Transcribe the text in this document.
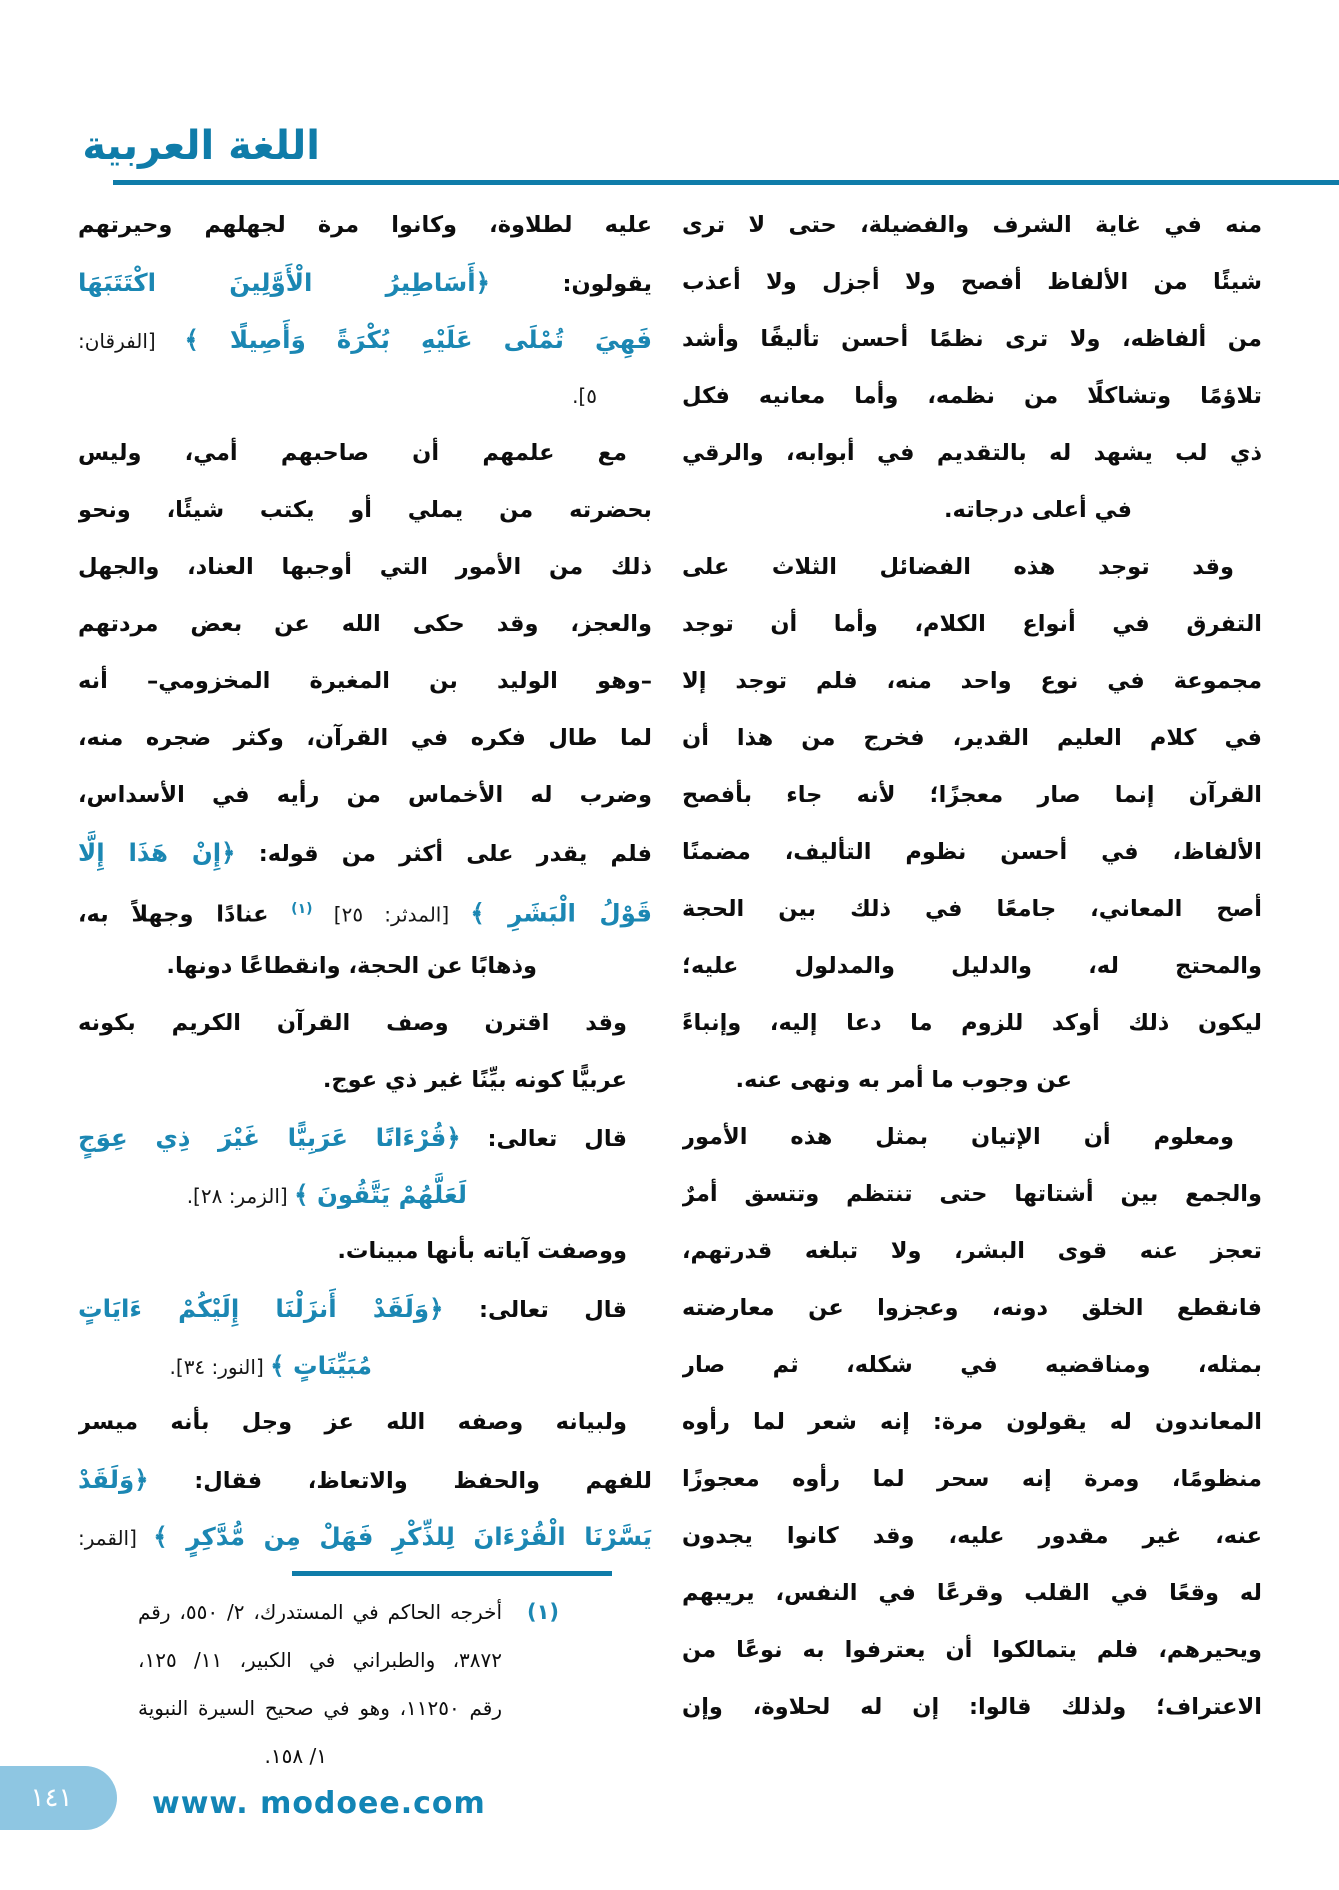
اللغة العربية
منه في غاية الشرف والفضيلة، حتى لا ترى
شيئًا من الألفاظ أفصح ولا أجزل ولا أعذب
من ألفاظه، ولا ترى نظمًا أحسن تأليفًا وأشد
تلاؤمًا وتشاكلًا من نظمه، وأما معانيه فكل
ذي لب يشهد له بالتقديم في أبوابه، والرقي
في أعلى درجاته.
وقد توجد هذه الفضائل الثلاث على
التفرق في أنواع الكلام، وأما أن توجد
مجموعة في نوع واحد منه، فلم توجد إلا
في كلام العليم القدير، فخرج من هذا أن
القرآن إنما صار معجزًا؛ لأنه جاء بأفصح
الألفاظ، في أحسن نظوم التأليف، مضمنًا
أصح المعاني، جامعًا في ذلك بين الحجة
والمحتج له، والدليل والمدلول عليه؛
ليكون ذلك أوكد للزوم ما دعا إليه، وإنباءً
عن وجوب ما أمر به ونهى عنه.
ومعلوم أن الإتيان بمثل هذه الأمور
والجمع بين أشتاتها حتى تنتظم وتتسق أمرٌ
تعجز عنه قوى البشر، ولا تبلغه قدرتهم،
فانقطع الخلق دونه، وعجزوا عن معارضته
بمثله، ومناقضيه في شكله، ثم صار
المعاندون له يقولون مرة: إنه شعر لما رأوه
منظومًا، ومرة إنه سحر لما رأوه معجوزًا
عنه، غير مقدور عليه، وقد كانوا يجدون
له وقعًا في القلب وقرعًا في النفس، يريبهم
ويحيرهم، فلم يتمالكوا أن يعترفوا به نوعًا من
الاعتراف؛ ولذلك قالوا: إن له لحلاوة، وإن
عليه لطلاوة، وكانوا مرة لجهلهم وحيرتهم
يقولون: ﴿أَسَاطِيرُ الْأَوَّلِينَ اكْتَتَبَهَا
فَهِيَ تُمْلَى عَلَيْهِ بُكْرَةً وَأَصِيلًا ﴾ [الفرقان:
٥].
مع علمهم أن صاحبهم أمي، وليس
بحضرته من يملي أو يكتب شيئًا، ونحو
ذلك من الأمور التي أوجبها العناد، والجهل
والعجز، وقد حكى الله عن بعض مردتهم
–وهو الوليد بن المغيرة المخزومي– أنه
لما طال فكره في القرآن، وكثر ضجره منه،
وضرب له الأخماس من رأيه في الأسداس،
فلم يقدر على أكثر من قوله: ﴿إِنْ هَذَا إِلَّا
قَوْلُ الْبَشَرِ ﴾ [المدثر: ٢٥] $^{(١)}$ عنادًا وجهلاً به،
وذهابًا عن الحجة، وانقطاعًا دونها.
وقد اقترن وصف القرآن الكريم بكونه
عربيًّا كونه بيِّنًا غير ذي عوج.
قال تعالى: ﴿قُرْءَانًا عَرَبِيًّا غَيْرَ ذِي عِوَجٍ
لَعَلَّهُمْ يَتَّقُونَ ﴾ [الزمر: ٢٨].
ووصفت آياته بأنها مبينات.
قال تعالى: ﴿وَلَقَدْ أَنزَلْنَا إِلَيْكُمْ ءَايَاتٍ
مُبَيِّنَاتٍ ﴾ [النور: ٣٤].
ولبيانه وصفه الله عز وجل بأنه ميسر
للفهم والحفظ والاتعاظ، فقال: ﴿وَلَقَدْ
يَسَّرْنَا الْقُرْءَانَ لِلذِّكْرِ فَهَلْ مِن مُّدَّكِرٍ ﴾ [القمر:
(١)
أخرجه الحاكم في المستدرك، ٢/ ٥٥٠، رقم
٣٨٧٢، والطبراني في الكبير، ١١/ ١٢٥،
رقم ١١٢٥٠، وهو في صحيح السيرة النبوية
١/ ١٥٨.
١٤١	www. modoee.com
